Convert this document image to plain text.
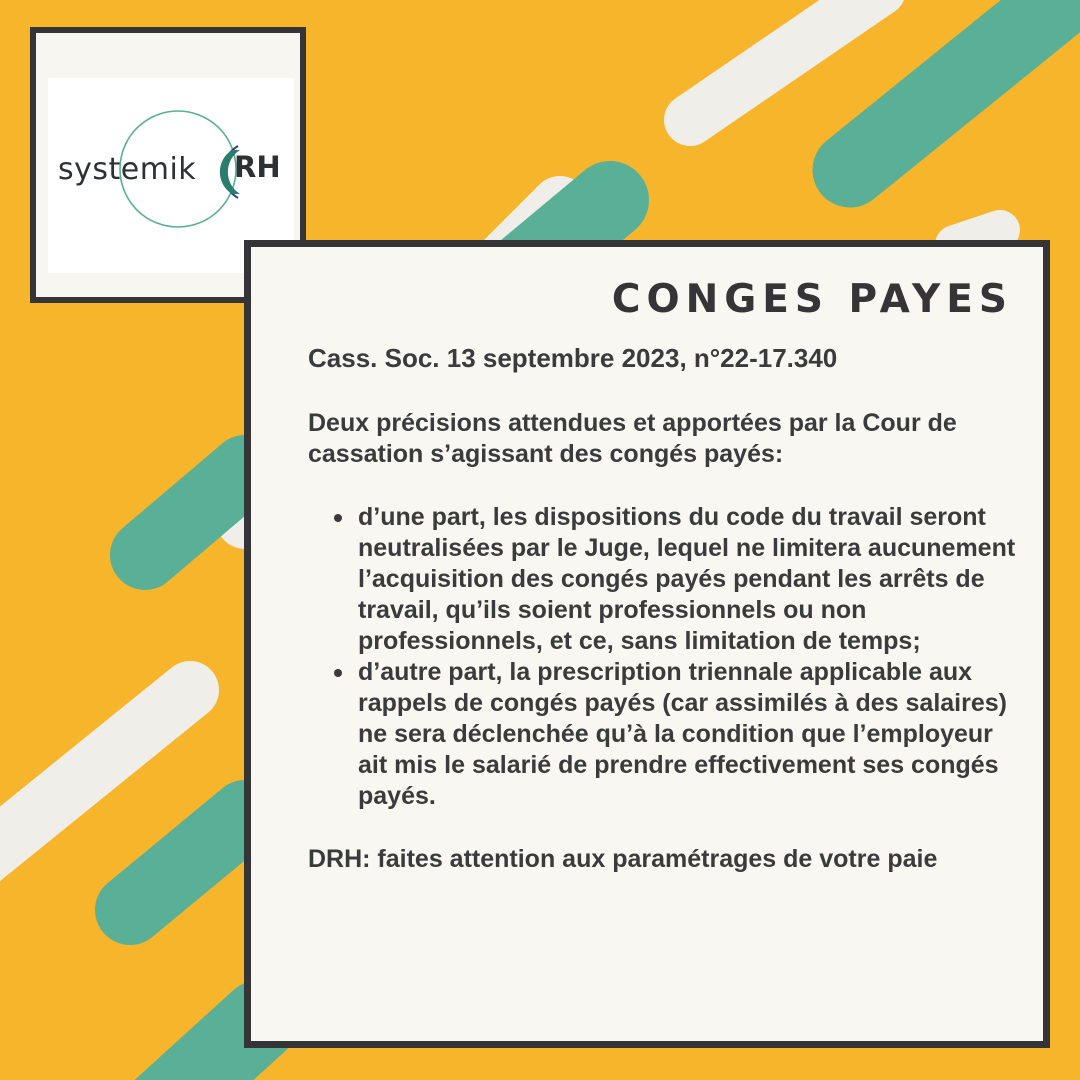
systemik RH
CONGES PAYES

Cass. Soc. 13 septembre 2023, n°22-17.340

Deux précisions attendues et apportées par la Cour de cassation s’agissant des congés payés:

d’une part, les dispositions du code du travail seront neutralisées par le Juge, lequel ne limitera aucunement l’acquisition des congés payés pendant les arrêts de travail, qu’ils soient professionnels ou non professionnels, et ce, sans limitation de temps;
d’autre part, la prescription triennale applicable aux rappels de congés payés (car assimilés à des salaires) ne sera déclenchée qu’à la condition que l’employeur ait mis le salarié de prendre effectivement ses congés payés.

DRH: faites attention aux paramétrages de votre paie
